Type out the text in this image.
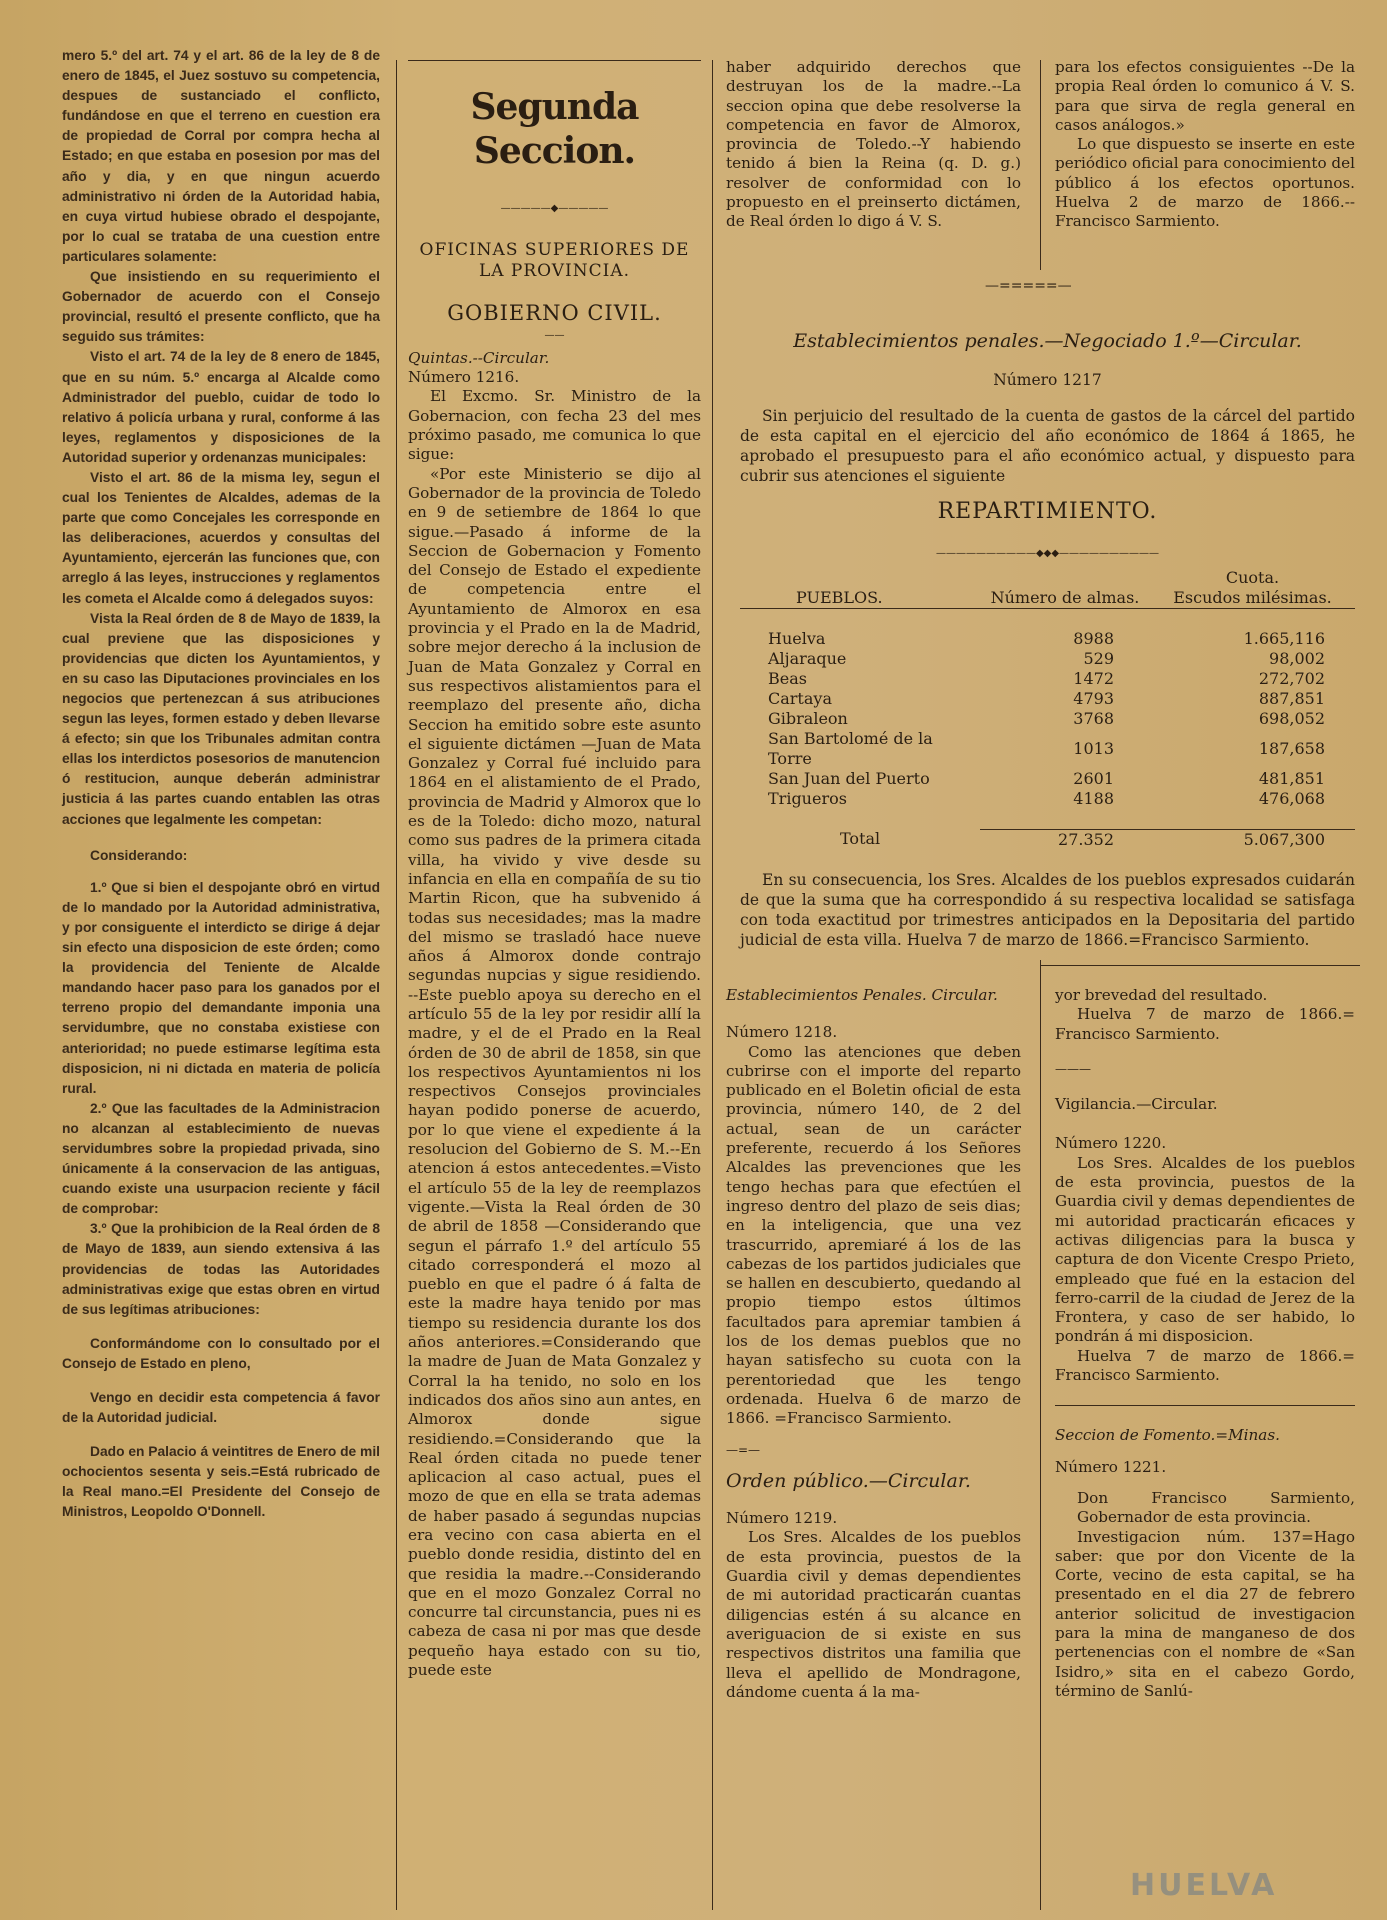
mero 5.º del art. 74 y el art. 86 de la ley de 8 de enero de 1845, el Juez sostuvo su competencia, despues de sustanciado el conflicto, fundándose en que el terreno en cuestion era de propiedad de Corral por compra hecha al Estado; en que estaba en posesion por mas del año y dia, y en que ningun acuerdo administrativo ni órden de la Autoridad habia, en cuya virtud hubiese obrado el despojante, por lo cual se trataba de una cuestion entre particulares solamente:

Que insistiendo en su requerimiento el Gobernador de acuerdo con el Consejo provincial, resultó el presente conflicto, que ha seguido sus trámites:

Visto el art. 74 de la ley de 8 enero de 1845, que en su núm. 5.º encarga al Alcalde como Administrador del pueblo, cuidar de todo lo relativo á policía urbana y rural, conforme á las leyes, reglamentos y disposiciones de la Autoridad superior y ordenanzas municipales:

Visto el art. 86 de la misma ley, segun el cual los Tenientes de Alcaldes, ademas de la parte que como Concejales les corresponde en las deliberaciones, acuerdos y consultas del Ayuntamiento, ejercerán las funciones que, con arreglo á las leyes, instrucciones y reglamentos les cometa el Alcalde como á delegados suyos:

Vista la Real órden de 8 de Mayo de 1839, la cual previene que las disposiciones y providencias que dicten los Ayuntamientos, y en su caso las Diputaciones provinciales en los negocios que pertenezcan á sus atribuciones segun las leyes, formen estado y deben llevarse á efecto; sin que los Tribunales admitan contra ellas los interdictos posesorios de manutencion ó restitucion, aunque deberán administrar justicia á las partes cuando entablen las otras acciones que legalmente les competan:

Considerando:

1.º Que si bien el despojante obró en virtud de lo mandado por la Autoridad administrativa, y por consiguente el interdicto se dirige á dejar sin efecto una disposicion de este órden; como la providencia del Teniente de Alcalde mandando hacer paso para los ganados por el terreno propio del demandante imponia una servidumbre, que no constaba existiese con anterioridad; no puede estimarse legítima esta disposicion, ni ni dictada en materia de policía rural.

2.º Que las facultades de la Administracion no alcanzan al establecimiento de nuevas servidumbres sobre la propiedad privada, sino únicamente á la conservacion de las antiguas, cuando existe una usurpacion reciente y fácil de comprobar:

3.º Que la prohibicion de la Real órden de 8 de Mayo de 1839, aun siendo extensiva á las providencias de todas las Autoridades administrativas exige que estas obren en virtud de sus legítimas atribuciones:

Conformándome con lo consultado por el Consejo de Estado en pleno,

Vengo en decidir esta competencia á favor de la Autoridad judicial.

Dado en Palacio á veintitres de Enero de mil ochocientos sesenta y seis.=Está rubricado de la Real mano.=El Presidente del Consejo de Ministros, Leopoldo O'Donnell.

Segunda Seccion.
—————◆—————
OFICINAS SUPERIORES DE LA PROVINCIA.
GOBIERNO CIVIL.
——

Quintas.--Circular.

Número 1216.

El Excmo. Sr. Ministro de la Gobernacion, con fecha 23 del mes próximo pasado, me comunica lo que sigue:

«Por este Ministerio se dijo al Gobernador de la provincia de Toledo en 9 de setiembre de 1864 lo que sigue.—Pasado á informe de la Seccion de Gobernacion y Fomento del Consejo de Estado el expediente de competencia entre el Ayuntamiento de Almorox en esa provincia y el Prado en la de Madrid, sobre mejor derecho á la inclusion de Juan de Mata Gonzalez y Corral en sus respectivos alistamientos para el reemplazo del presente año, dicha Seccion ha emitido sobre este asunto el siguiente dictámen —Juan de Mata Gonzalez y Corral fué incluido para 1864 en el alistamiento de el Prado, provincia de Madrid y Almorox que lo es de la Toledo: dicho mozo, natural como sus padres de la primera citada villa, ha vivido y vive desde su infancia en ella en compañía de su tio Martin Ricon, que ha subvenido á todas sus necesidades; mas la madre del mismo se trasladó hace nueve años á Almorox donde contrajo segundas nupcias y sigue residiendo. --Este pueblo apoya su derecho en el artículo 55 de la ley por residir allí la madre, y el de el Prado en la Real órden de 30 de abril de 1858, sin que los respectivos Ayuntamientos ni los respectivos Consejos provinciales hayan podido ponerse de acuerdo, por lo que viene el expediente á la resolucion del Gobierno de S. M.--En atencion á estos antecedentes.=Visto el artículo 55 de la ley de reemplazos vigente.—Vista la Real órden de 30 de abril de 1858 —Considerando que segun el párrafo 1.º del artículo 55 citado corresponderá el mozo al pueblo en que el padre ó á falta de este la madre haya tenido por mas tiempo su residencia durante los dos años anteriores.=Considerando que la madre de Juan de Mata Gonzalez y Corral la ha tenido, no solo en los indicados dos años sino aun antes, en Almorox donde sigue residiendo.=Considerando que la Real órden citada no puede tener aplicacion al caso actual, pues el mozo de que en ella se trata ademas de haber pasado á segundas nupcias era vecino con casa abierta en el pueblo donde residia, distinto del en que residia la madre.--Considerando que en el mozo Gonzalez Corral no concurre tal circunstancia, pues ni es cabeza de casa ni por mas que desde pequeño haya estado con su tio, puede este

haber adquirido derechos que destruyan los de la madre.--La seccion opina que debe resolverse la competencia en favor de Almorox, provincia de Toledo.--Y habiendo tenido á bien la Reina (q. D. g.) resolver de conformidad con lo propuesto en el preinserto dictámen, de Real órden lo digo á V. S.

para los efectos consiguientes --De la propia Real órden lo comunico á V. S. para que sirva de regla general en casos análogos.»

Lo que dispuesto se inserte en este periódico oficial para conocimiento del público á los efectos oportunos. Huelva 2 de marzo de 1866.--Francisco Sarmiento.

—=====—

Establecimientos penales.—Negociado 1.º—Circular.

Número 1217

Sin perjuicio del resultado de la cuenta de gastos de la cárcel del partido de esta capital en el ejercicio del año económico de 1864 á 1865, he aprobado el presupuesto para el año económico actual, y dispuesto para cubrir sus atenciones el siguiente

REPARTIMIENTO.

——————————◆◆◆——————————
		Cuota.
PUEBLOS.	Número de almas.	Escudos milésimas.

Huelva	8988	1.665,116
Aljaraque	529	98,002
Beas	1472	272,702
Cartaya	4793	887,851
Gibraleon	3768	698,052
San Bartolomé de la Torre	1013	187,658
San Juan del Puerto	2601	481,851
Trigueros	4188	476,068

Total	27.352	5.067,300

En su consecuencia, los Sres. Alcaldes de los pueblos expresados cuidarán de que la suma que ha correspondido á su respectiva localidad se satisfaga con toda exactitud por trimestres anticipados en la Depositaria del partido judicial de esta villa. Huelva 7 de marzo de 1866.=Francisco Sarmiento.

Establecimientos Penales. Circular.

Número 1218.

Como las atenciones que deben cubrirse con el importe del reparto publicado en el Boletin oficial de esta provincia, número 140, de 2 del actual, sean de un carácter preferente, recuerdo á los Señores Alcaldes las prevenciones que les tengo hechas para que efectúen el ingreso dentro del plazo de seis dias; en la inteligencia, que una vez trascurrido, apremiaré á los de las cabezas de los partidos judiciales que se hallen en descubierto, quedando al propio tiempo estos últimos facultados para apremiar tambien á los de los demas pueblos que no hayan satisfecho su cuota con la perentoriedad que les tengo ordenada. Huelva 6 de marzo de 1866. =Francisco Sarmiento.

—=—

Orden público.—Circular.

Número 1219.

Los Sres. Alcaldes de los pueblos de esta provincia, puestos de la Guardia civil y demas dependientes de mi autoridad practicarán cuantas diligencias estén á su alcance en averiguacion de si existe en sus respectivos distritos una familia que lleva el apellido de Mondragone, dándome cuenta á la ma-

yor brevedad del resultado.

Huelva 7 de marzo de 1866.= Francisco Sarmiento.

———

Vigilancia.—Circular.

Número 1220.

Los Sres. Alcaldes de los pueblos de esta provincia, puestos de la Guardia civil y demas dependientes de mi autoridad practicarán eficaces y activas diligencias para la busca y captura de don Vicente Crespo Prieto, empleado que fué en la estacion del ferro-carril de la ciudad de Jerez de la Frontera, y caso de ser habido, lo pondrán á mi disposicion.

Huelva 7 de marzo de 1866.= Francisco Sarmiento.

Seccion de Fomento.=Minas.

Número 1221.

Don Francisco Sarmiento, Gobernador de esta provincia.

Investigacion núm. 137=Hago saber: que por don Vicente de la Corte, vecino de esta capital, se ha presentado en el dia 27 de febrero anterior solicitud de investigacion para la mina de manganeso de dos pertenencias con el nombre de «San Isidro,» sita en el cabezo Gordo, término de Sanlú-

HUELVA
